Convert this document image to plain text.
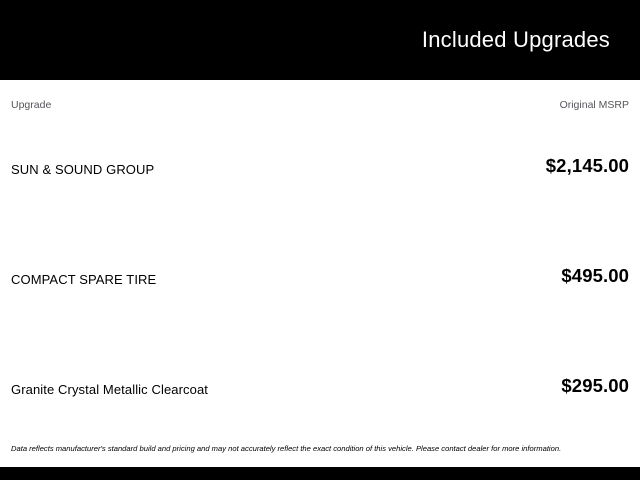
Included Upgrades
Upgrade	Original MSRP
SUN & SOUND GROUP	$2,145.00
COMPACT SPARE TIRE	$495.00
Granite Crystal Metallic Clearcoat	$295.00
Data reflects manufacturer's standard build and pricing and may not accurately reflect the exact condition of this vehicle. Please contact dealer for more information.
